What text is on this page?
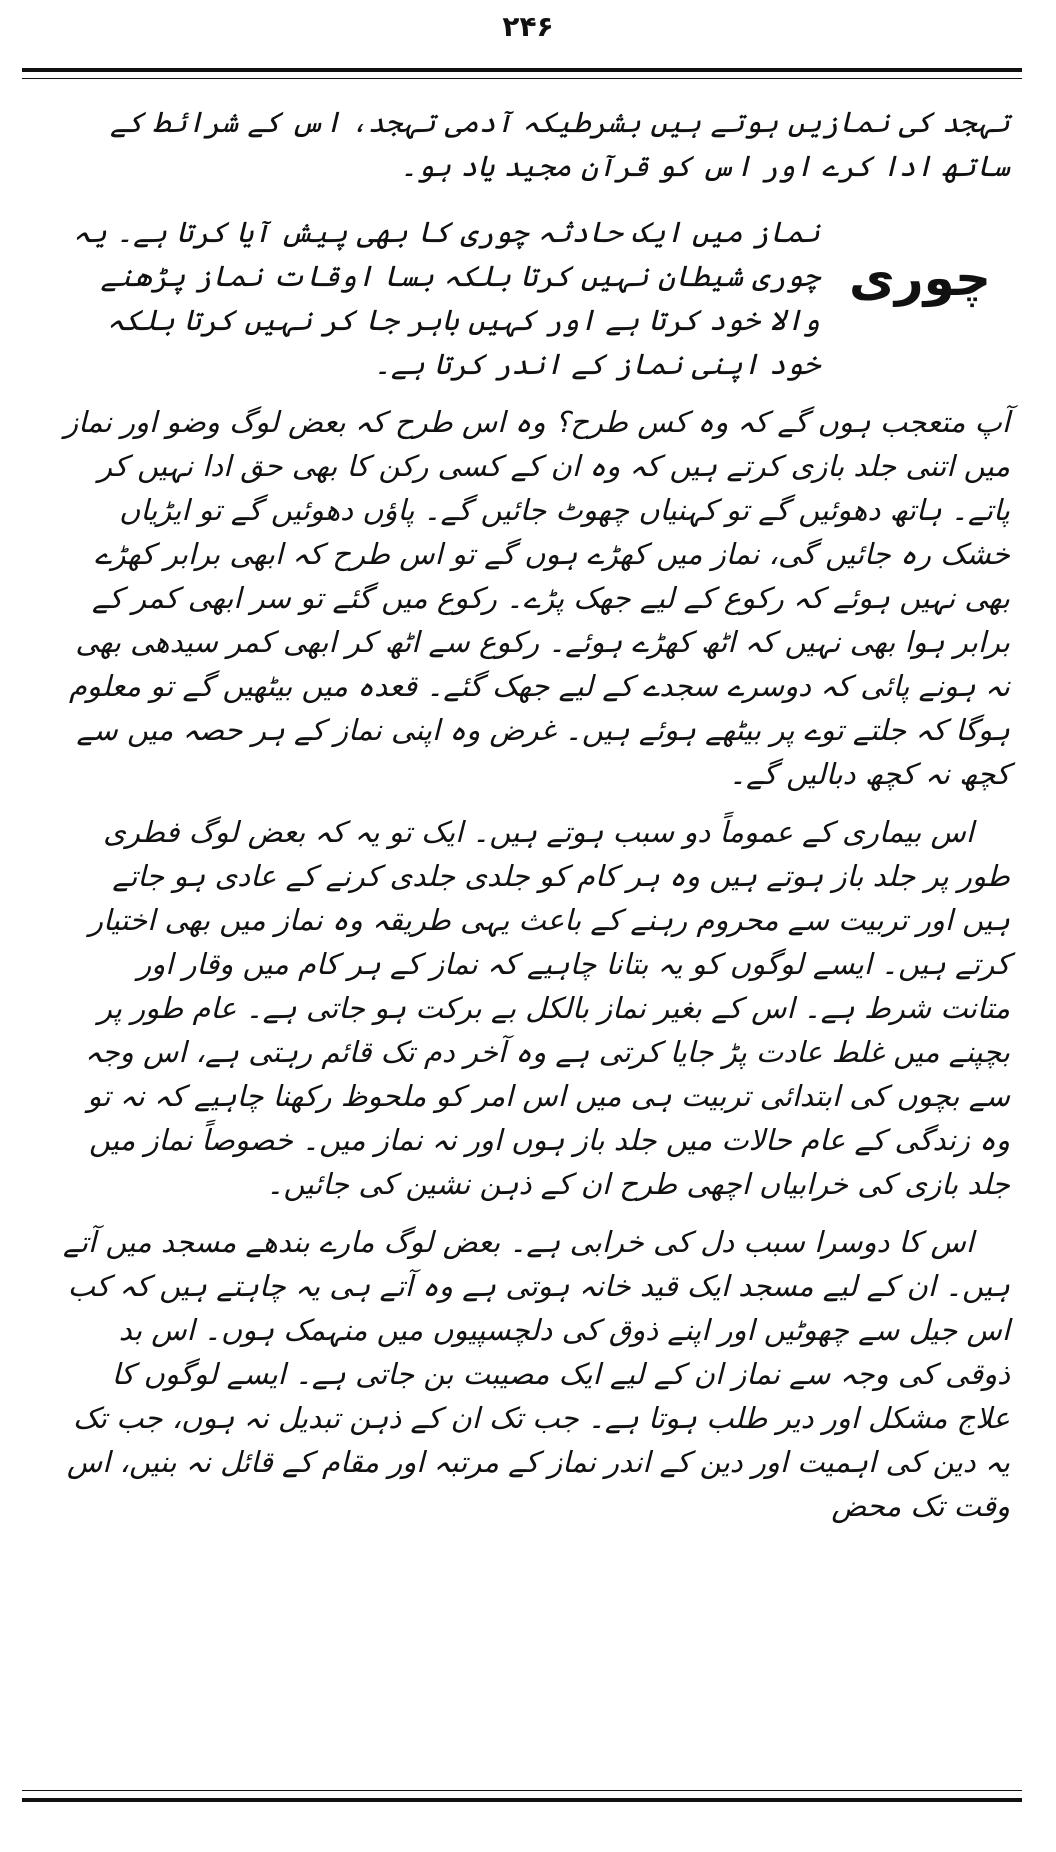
۲۴۶

تہجد کی نمازیں ہوتے ہیں بشرطیکہ آدمی تہجد، اس کے شرائط کے ساتھ ادا کرے اور اس کو قرآن مجید یاد ہو۔

چوری

نماز میں ایک حادثہ چوری کا بھی پیش آیا کرتا ہے۔ یہ چوری شیطان نہیں کرتا بلکہ بسا اوقات نماز پڑھنے والا خود کرتا ہے اور کہیں باہر جا کر نہیں کرتا بلکہ خود اپنی نماز کے اندر کرتا ہے۔

آپ متعجب ہوں گے کہ وہ کس طرح؟ وہ اس طرح کہ بعض لوگ وضو اور نماز میں اتنی جلد بازی کرتے ہیں کہ وہ ان کے کسی رکن کا بھی حق ادا نہیں کر پاتے۔ ہاتھ دھوئیں گے تو کہنیاں چھوٹ جائیں گے۔ پاؤں دھوئیں گے تو ایڑیاں خشک رہ جائیں گی، نماز میں کھڑے ہوں گے تو اس طرح کہ ابھی برابر کھڑے بھی نہیں ہوئے کہ رکوع کے لیے جھک پڑے۔ رکوع میں گئے تو سر ابھی کمر کے برابر ہوا بھی نہیں کہ اٹھ کھڑے ہوئے۔ رکوع سے اٹھ کر ابھی کمر سیدھی بھی نہ ہونے پائی کہ دوسرے سجدے کے لیے جھک گئے۔ قعدہ میں بیٹھیں گے تو معلوم ہوگا کہ جلتے توے پر بیٹھے ہوئے ہیں۔ غرض وہ اپنی نماز کے ہر حصہ میں سے کچھ نہ کچھ دبالیں گے۔

اس بیماری کے عموماً دو سبب ہوتے ہیں۔ ایک تو یہ کہ بعض لوگ فطری طور پر جلد باز ہوتے ہیں وہ ہر کام کو جلدی جلدی کرنے کے عادی ہو جاتے ہیں اور تربیت سے محروم رہنے کے باعث یہی طریقہ وہ نماز میں بھی اختیار کرتے ہیں۔ ایسے لوگوں کو یہ بتانا چاہیے کہ نماز کے ہر کام میں وقار اور متانت شرط ہے۔ اس کے بغیر نماز بالکل بے برکت ہو جاتی ہے۔ عام طور پر بچپنے میں غلط عادت پڑ جایا کرتی ہے وہ آخر دم تک قائم رہتی ہے، اس وجہ سے بچوں کی ابتدائی تربیت ہی میں اس امر کو ملحوظ رکھنا چاہیے کہ نہ تو وہ زندگی کے عام حالات میں جلد باز ہوں اور نہ نماز میں۔ خصوصاً نماز میں جلد بازی کی خرابیاں اچھی طرح ان کے ذہن نشین کی جائیں۔

اس کا دوسرا سبب دل کی خرابی ہے۔ بعض لوگ مارے بندھے مسجد میں آتے ہیں۔ ان کے لیے مسجد ایک قید خانہ ہوتی ہے وہ آتے ہی یہ چاہتے ہیں کہ کب اس جیل سے چھوٹیں اور اپنے ذوق کی دلچسپیوں میں منہمک ہوں۔ اس بد ذوقی کی وجہ سے نماز ان کے لیے ایک مصیبت بن جاتی ہے۔ ایسے لوگوں کا علاج مشکل اور دیر طلب ہوتا ہے۔ جب تک ان کے ذہن تبدیل نہ ہوں، جب تک یہ دین کی اہمیت اور دین کے اندر نماز کے مرتبہ اور مقام کے قائل نہ بنیں، اس وقت تک محض
